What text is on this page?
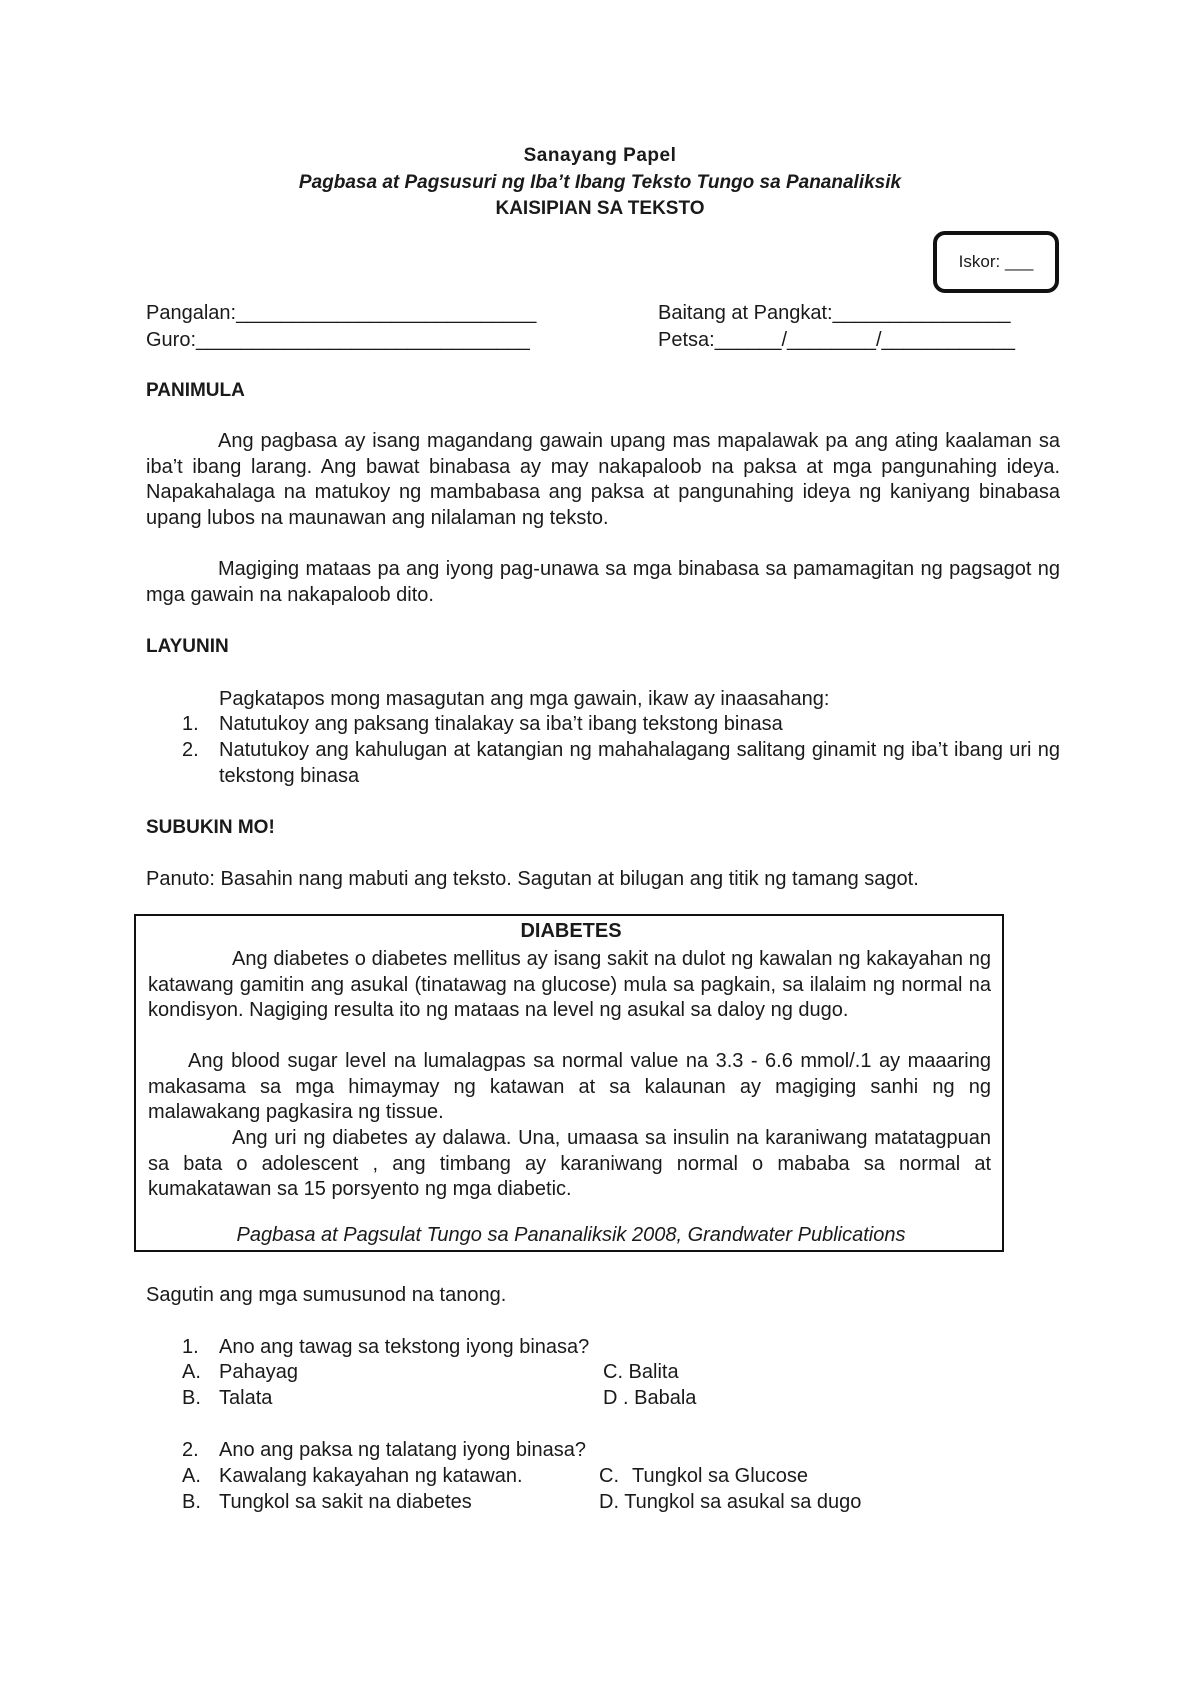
Sanayang Papel
Pagbasa at Pagsusuri ng Iba’t Ibang Teksto Tungo sa Pananaliksik
KAISIPIAN SA TEKSTO
Iskor: ___
Pangalan:___________________________	Baitang at Pangkat:________________
Guro:______________________________	Petsa:______/________/____________
PANIMULA
Ang pagbasa ay isang magandang gawain upang mas mapalawak pa ang ating kaalaman sa iba’t ibang larang. Ang bawat binabasa ay may nakapaloob na paksa at mga pangunahing ideya. Napakahalaga na matukoy ng mambabasa ang paksa at pangunahing ideya ng kaniyang binabasa upang lubos na maunawan ang nilalaman ng teksto.
Magiging mataas pa ang iyong pag-unawa sa mga binabasa sa pamamagitan ng pagsagot ng mga gawain na nakapaloob dito.
LAYUNIN
Pagkatapos mong masagutan ang mga gawain, ikaw ay inaasahang:
1.	Natutukoy ang paksang tinalakay sa iba’t ibang tekstong binasa
2.	Natutukoy ang kahulugan at katangian ng mahahalagang salitang ginamit ng iba’t ibang uri ng tekstong binasa
SUBUKIN MO!
Panuto: Basahin nang mabuti ang teksto. Sagutan at bilugan ang titik ng tamang sagot.
DIABETES
Ang diabetes o diabetes mellitus ay isang sakit na dulot ng kawalan ng kakayahan ng katawang gamitin ang asukal (tinatawag na glucose) mula sa pagkain, sa ilalaim ng normal na kondisyon. Nagiging resulta ito ng mataas na level ng asukal sa daloy ng dugo.
Ang blood sugar level na lumalagpas sa normal value na 3.3 - 6.6 mmol/.1 ay maaaring makasama sa mga himaymay ng katawan at sa kalaunan ay magiging sanhi ng ng malawakang pagkasira ng tissue.
Ang uri ng diabetes ay dalawa. Una, umaasa sa insulin na karaniwang matatagpuan sa bata o adolescent , ang timbang ay karaniwang normal o mababa sa normal at kumakatawan sa 15 porsyento ng mga diabetic.
Pagbasa at Pagsulat Tungo sa Pananaliksik 2008, Grandwater Publications
Sagutin ang mga sumusunod na tanong.
1. Ano ang tawag sa tekstong iyong binasa?
A. Pahayag	C. Balita
B. Talata	D . Babala
2. Ano ang paksa ng talatang iyong binasa?
A. Kawalang kakayahan ng katawan.	C. Tungkol sa Glucose
B. Tungkol sa sakit na diabetes	D. Tungkol sa asukal sa dugo
